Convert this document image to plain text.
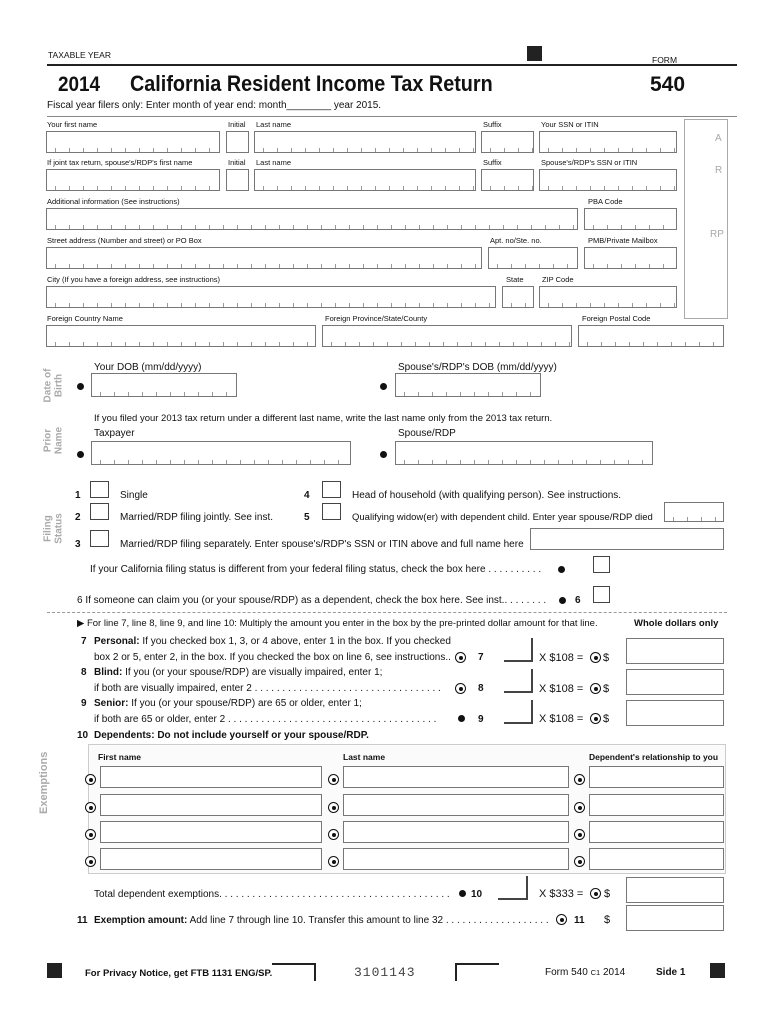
TAXABLE YEAR	FORM
2014 California Resident Income Tax Return	540
Fiscal year filers only: Enter month of year end: month________ year 2015.
Your first name	Initial Last name	Suffix	Your SSN or ITIN
If joint tax return, spouse's/RDP's first name	Initial Last name	Suffix	Spouse's/RDP's SSN or ITIN
Additional information (See instructions)	PBA Code
Street address (Number and street) or PO Box	Apt. no/Ste. no.	PMB/Private Mailbox
City (If you have a foreign address, see instructions)	State ZIP Code
Foreign Country Name	Foreign Province/State/County	Foreign Postal Code
A
R
RP
Date of
Birth
Your DOB (mm/dd/yyyy)	Spouse's/RDP's DOB (mm/dd/yyyy)
Prior
Name
If you filed your 2013 tax return under a different last name, write the last name only from the 2013 tax return.
Taxpayer	Spouse/RDP
Filing
Status
1	Single
2	Married/RDP filing jointly. See inst.
3	Married/RDP filing separately. Enter spouse's/RDP's SSN or ITIN above and full name here
4	Head of household (with qualifying person). See instructions.
5	Qualifying widow(er) with dependent child. Enter year spouse/RDP died
If your California filing status is different from your federal filing status, check the box here . . . . . . . . . .
6 If someone can claim you (or your spouse/RDP) as a dependent, check the box here. See inst.. . . . . . . .	6
Exemptions
▶ For line 7, line 8, line 9, and line 10: Multiply the amount you enter in the box by the pre-printed dollar amount for that line.	Whole dollars only
7 Personal: If you checked box 1, 3, or 4 above, enter 1 in the box. If you checked
box 2 or 5, enter 2, in the box. If you checked the box on line 6, see instructions..	7	X $108 = $
8 Blind: If you (or your spouse/RDP) are visually impaired, enter 1;
if both are visually impaired, enter 2 . . . . . . . . . . . . . . . . . . . . . . . . . . . . . . . . . .	8	X $108 = $
9 Senior: If you (or your spouse/RDP) are 65 or older, enter 1;
if both are 65 or older, enter 2 . . . . . . . . . . . . . . . . . . . . . . . . . . . . . . . . . . . . . .	9	X $108 = $
10 Dependents: Do not include yourself or your spouse/RDP.
First name	Last name	Dependent's relationship to you
Total dependent exemptions. . . . . . . . . . . . . . . . . . . . . . . . . . . . . . . . . . . . . . . . . . 10	X $333 = $
11 Exemption amount: Add line 7 through line 10. Transfer this amount to line 32 . . . . . . . . . . . . . . . . . . .	11 $
For Privacy Notice, get FTB 1131 ENG/SP.	3101143	Form 540 C1 2014	Side 1
